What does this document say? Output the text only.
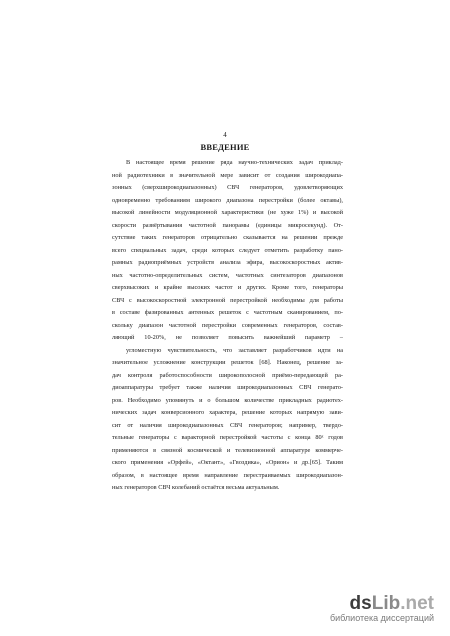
4
ВВЕДЕНИЕ
В настоящее время решение ряда научно-технических задач приклад-
ной радиотехники в значительной мере зависит от создания широкодиапа-
зонных (сверхширокодиапазонных) СВЧ генераторов, удовлетворяющих
одновременно требованиям широкого диапазона перестройки (более октавы),
высокой линейности модуляционной характеристики (не хуже 1%) и высокой
скорости развёртывания частотной панорамы (единицы микросекунд). От-
сутствие таких генераторов отрицательно сказывается на решении прежде
всего специальных задач, среди которых следует отметить разработку пано-
рамных радиоприёмных устройств анализа эфира, высокоскоростных актив-
ных частотно-определительных систем, частотных синтезаторов диапазонов
сверхвысоких и крайне высоких частот и других. Кроме того, генераторы
СВЧ с высокоскоростной электронной перестройкой необходимы для работы
в составе фазированных антенных решеток с частотным сканированием, по-
скольку диапазон частотной перестройки современных генераторов, состав-
ляющий 10-20%, не позволяет повысить важнейший параметр –
угломестную чувствительность, что заставляет разработчиков идти на
значительное усложнение конструкции решеток [68]. Наконец, решение за-
дач контроля работоспособности широкополосной приёмо-передающей ра-
диоаппаратуры требует также наличия широкодиапазонных СВЧ генерато-
ров. Необходимо упомянуть и о большом количестве прикладных радиотех-
нических задач конверсионного характера, решение которых напрямую зави-
сит от наличия широкодиапазонных СВЧ генераторов; например, твердо-
тельные генераторы с варакторной перестройкой частоты с конца 80ˣ годов
применяются в связной космической и телевизионной аппаратуре коммерче-
ского применения «Орфей», «Октант», «Гвоздика», «Орион» и др.[65]. Таким
образом, в настоящее время направление перестраиваемых широкодиапазон-
ных генераторов СВЧ колебаний остаётся весьма актуальным.
dsLib.net
библиотека диссертаций
